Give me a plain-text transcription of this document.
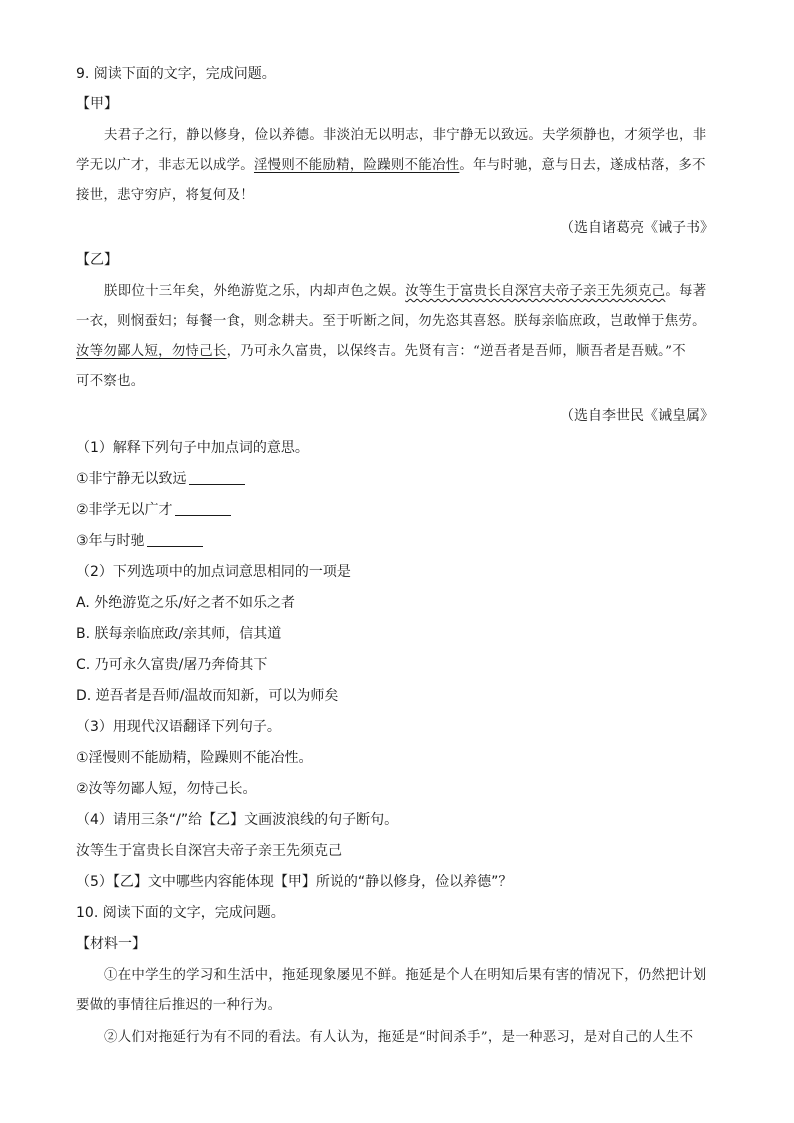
9. 阅读下面的文字，完成问题。
【甲】
夫君子之行，静以修身，俭以养德。非淡泊无以明志，非宁静无以致远。夫学须静也，才须学也，非
学无以广才，非志无以成学。淫慢则不能励精，险躁则不能冶性。年与时驰，意与日去，遂成枯落，多不
接世，悲守穷庐，将复何及！
（选自诸葛亮《诫子书》
【乙】
朕即位十三年矣，外绝游览之乐，内却声色之娱。汝等生于富贵长自深宫夫帝子亲王先须克己。每著
一衣，则悯蚕妇；每餐一食，则念耕夫。至于听断之间，勿先恣其喜怒。朕每亲临庶政，岂敢惮于焦劳。
汝等勿鄙人短，勿恃己长，乃可永久富贵，以保终吉。先贤有言：“逆吾者是吾师，顺吾者是吾贼。”不
可不察也。
（选自李世民《诫皇属》
（1）解释下列句子中加点词的意思。
①非宁静无以致远
②非学无以广才
③年与时驰
（2）下列选项中的加点词意思相同的一项是
A. 外绝游览之乐/好之者不如乐之者
B. 朕每亲临庶政/亲其师，信其道
C. 乃可永久富贵/屠乃奔倚其下
D. 逆吾者是吾师/温故而知新，可以为师矣
（3）用现代汉语翻译下列句子。
①淫慢则不能励精，险躁则不能冶性。
②汝等勿鄙人短，勿恃己长。
（4）请用三条“/”给【乙】文画波浪线的句子断句。
汝等生于富贵长自深宫夫帝子亲王先须克己
（5）【乙】文中哪些内容能体现【甲】所说的“静以修身，俭以养德”？
10. 阅读下面的文字，完成问题。
【材料一】
①在中学生的学习和生活中，拖延现象屡见不鲜。拖延是个人在明知后果有害的情况下，仍然把计划
要做的事情往后推迟的一种行为。
②人们对拖延行为有不同的看法。有人认为，拖延是“时间杀手”，是一种恶习，是对自己的人生不
